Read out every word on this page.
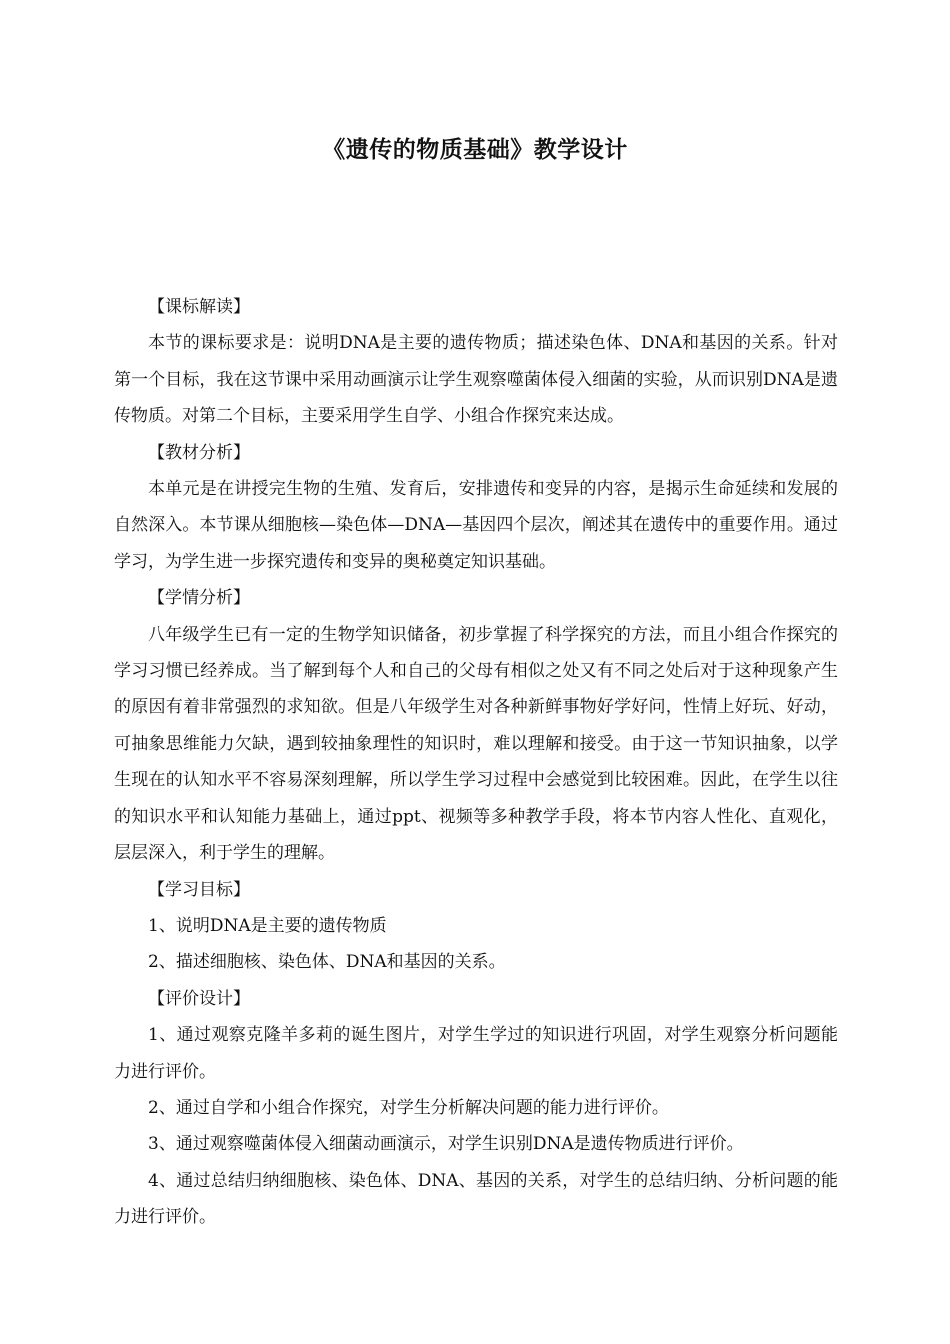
《遗传的物质基础》教学设计

【课标解读】

本节的课标要求是：说明DNA是主要的遗传物质；描述染色体、DNA和基因的关系。针对第一个目标，我在这节课中采用动画演示让学生观察噬菌体侵入细菌的实验，从而识别DNA是遗传物质。对第二个目标，主要采用学生自学、小组合作探究来达成。

【教材分析】

本单元是在讲授完生物的生殖、发育后，安排遗传和变异的内容，是揭示生命延续和发展的自然深入。本节课从细胞核—染色体—DNA—基因四个层次，阐述其在遗传中的重要作用。通过学习，为学生进一步探究遗传和变异的奥秘奠定知识基础。

【学情分析】

八年级学生已有一定的生物学知识储备，初步掌握了科学探究的方法，而且小组合作探究的学习习惯已经养成。当了解到每个人和自己的父母有相似之处又有不同之处后对于这种现象产生的原因有着非常强烈的求知欲。但是八年级学生对各种新鲜事物好学好问，性情上好玩、好动，可抽象思维能力欠缺，遇到较抽象理性的知识时，难以理解和接受。由于这一节知识抽象，以学生现在的认知水平不容易深刻理解，所以学生学习过程中会感觉到比较困难。因此，在学生以往的知识水平和认知能力基础上，通过ppt、视频等多种教学手段，将本节内容人性化、直观化，层层深入，利于学生的理解。

【学习目标】

1、说明DNA是主要的遗传物质

2、描述细胞核、染色体、DNA和基因的关系。

【评价设计】

1、通过观察克隆羊多莉的诞生图片，对学生学过的知识进行巩固，对学生观察分析问题能力进行评价。

2、通过自学和小组合作探究，对学生分析解决问题的能力进行评价。

3、通过观察噬菌体侵入细菌动画演示，对学生识别DNA是遗传物质进行评价。

4、通过总结归纳细胞核、染色体、DNA、基因的关系，对学生的总结归纳、分析问题的能力进行评价。
